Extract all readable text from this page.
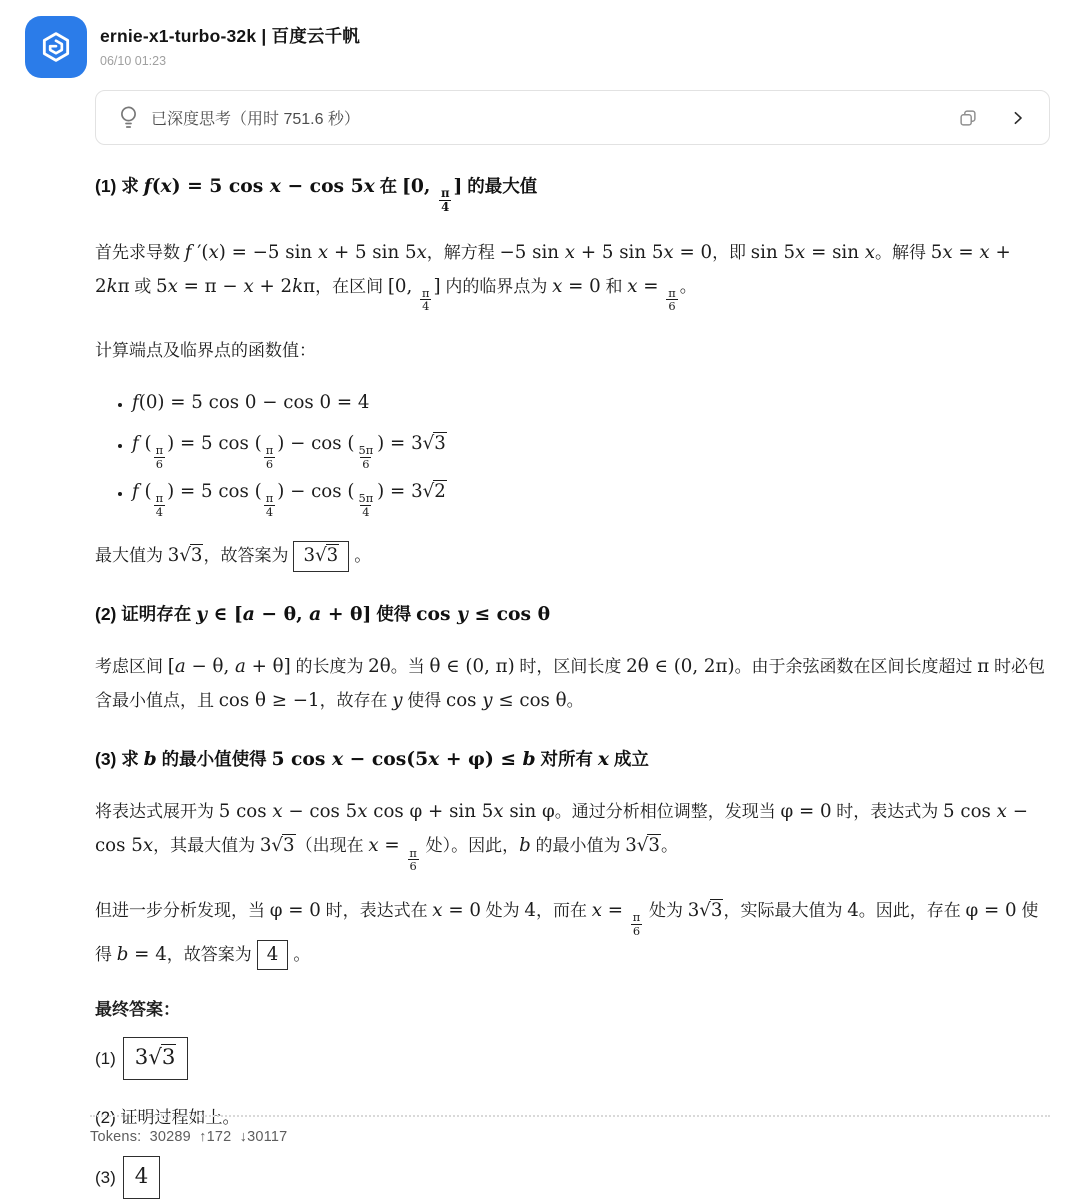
ernie-x1-turbo-32k | 百度云千帆
06/10 01:23
已深度思考（用时 751.6 秒）
(1) 求 f(x) = 5 cos x − cos 5x 在 [0,
$\frac{\pi}{4}$
] 的最大值

首先求导数 f ′(x) = −5 sin x + 5 sin 5x，解方程 −5 sin x + 5 sin 5x = 0，即 sin 5x = sin x。解得 5x = x + 2kπ 或 5x = π − x + 2kπ，在区间 [0,
$\frac{\pi}{4}$
] 内的临界点为 x = 0 和 x =
$\frac{\pi}{6}$
。

计算端点及临界点的函数值：

• f(0) = 5 cos 0 − cos 0 = 4
• f (
$\frac{\pi}{6}$
) = 5 cos (
$\frac{\pi}{6}$
) − cos (
$\frac{5\pi}{6}$
) = 3√3
• f (
$\frac{\pi}{4}$
) = 5 cos (
$\frac{\pi}{4}$
) − cos (
$\frac{5\pi}{4}$
) = 3√2

最大值为 3√3，故答案为 3√3 。

(2) 证明存在 y ∈ [a − θ, a + θ] 使得 cos y ≤ cos θ

考虑区间 [a − θ, a + θ] 的长度为 2θ。当 θ ∈ (0, π) 时，区间长度 2θ ∈ (0, 2π)。由于余弦函数在区间长度超过 π 时必包含最小值点，且 cos θ ≥ −1，故存在 y 使得 cos y ≤ cos θ。

(3) 求 b 的最小值使得 5 cos x − cos(5x + φ) ≤ b 对所有 x 成立

将表达式展开为 5 cos x − cos 5x cos φ + sin 5x sin φ。通过分析相位调整，发现当 φ = 0 时，表达式为 5 cos x − cos 5x，其最大值为 3√3（出现在 x =
$\frac{\pi}{6}$
处）。因此，b 的最小值为 3√3。

但进一步分析发现，当 φ = 0 时，表达式在 x = 0 处为 4，而在 x =
$\frac{\pi}{6}$
处为 3√3，实际最大值为 4。因此，存在 φ = 0 使得 b = 4，故答案为 4 。

最终答案：

(1) 3√3

(2) 证明过程如上。

(3) 4

Tokens: 30289 ↑172 ↓30117
